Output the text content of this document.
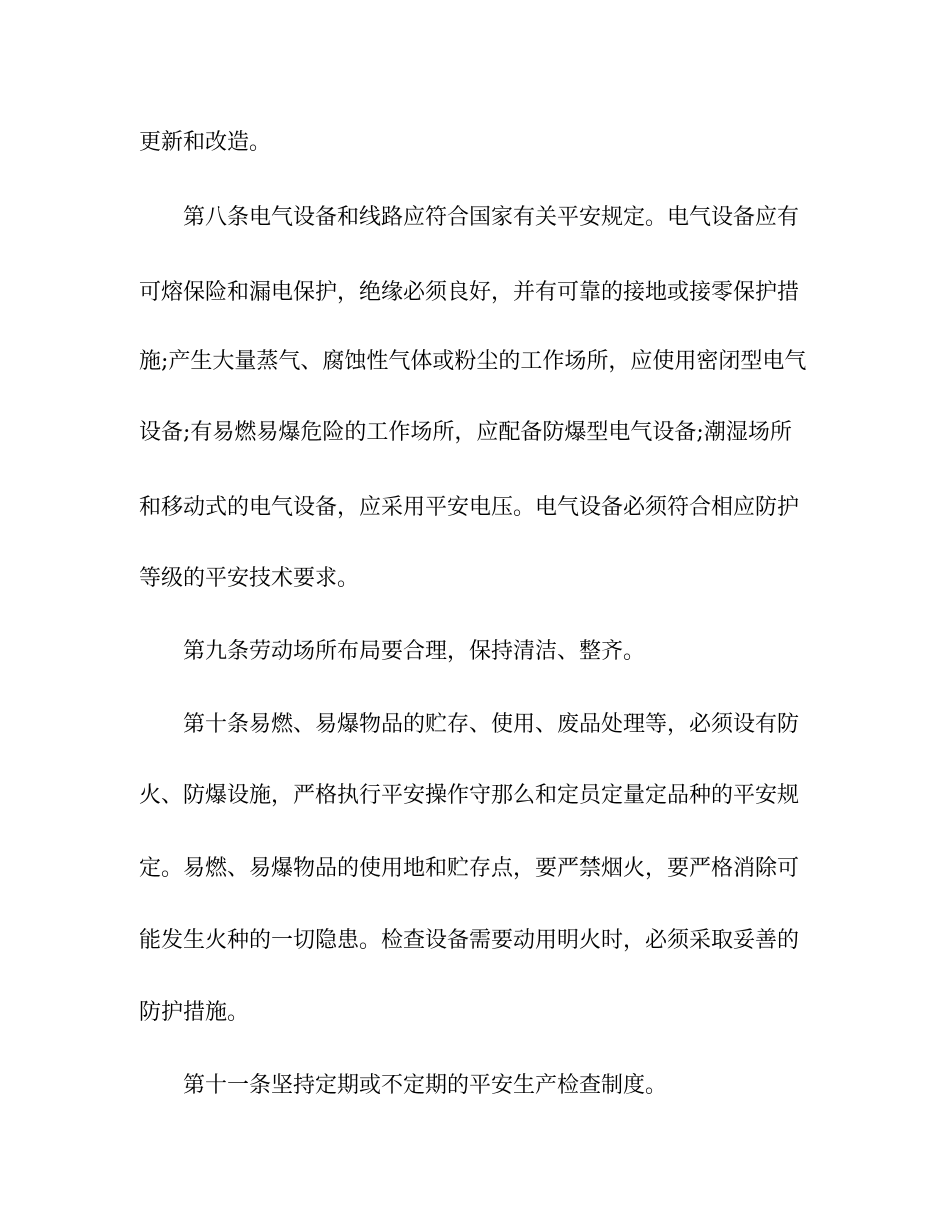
更新和改造。

第八条电气设备和线路应符合国家有关平安规定。电气设备应有

可熔保险和漏电保护，绝缘必须良好，并有可靠的接地或接零保护措

施;产生大量蒸气、腐蚀性气体或粉尘的工作场所，应使用密闭型电气

设备;有易燃易爆危险的工作场所，应配备防爆型电气设备;潮湿场所

和移动式的电气设备，应采用平安电压。电气设备必须符合相应防护

等级的平安技术要求。

第九条劳动场所布局要合理，保持清洁、整齐。

第十条易燃、易爆物品的贮存、使用、废品处理等，必须设有防

火、防爆设施，严格执行平安操作守那么和定员定量定品种的平安规

定。易燃、易爆物品的使用地和贮存点，要严禁烟火，要严格消除可

能发生火种的一切隐患。检查设备需要动用明火时，必须采取妥善的

防护措施。

第十一条坚持定期或不定期的平安生产检查制度。
